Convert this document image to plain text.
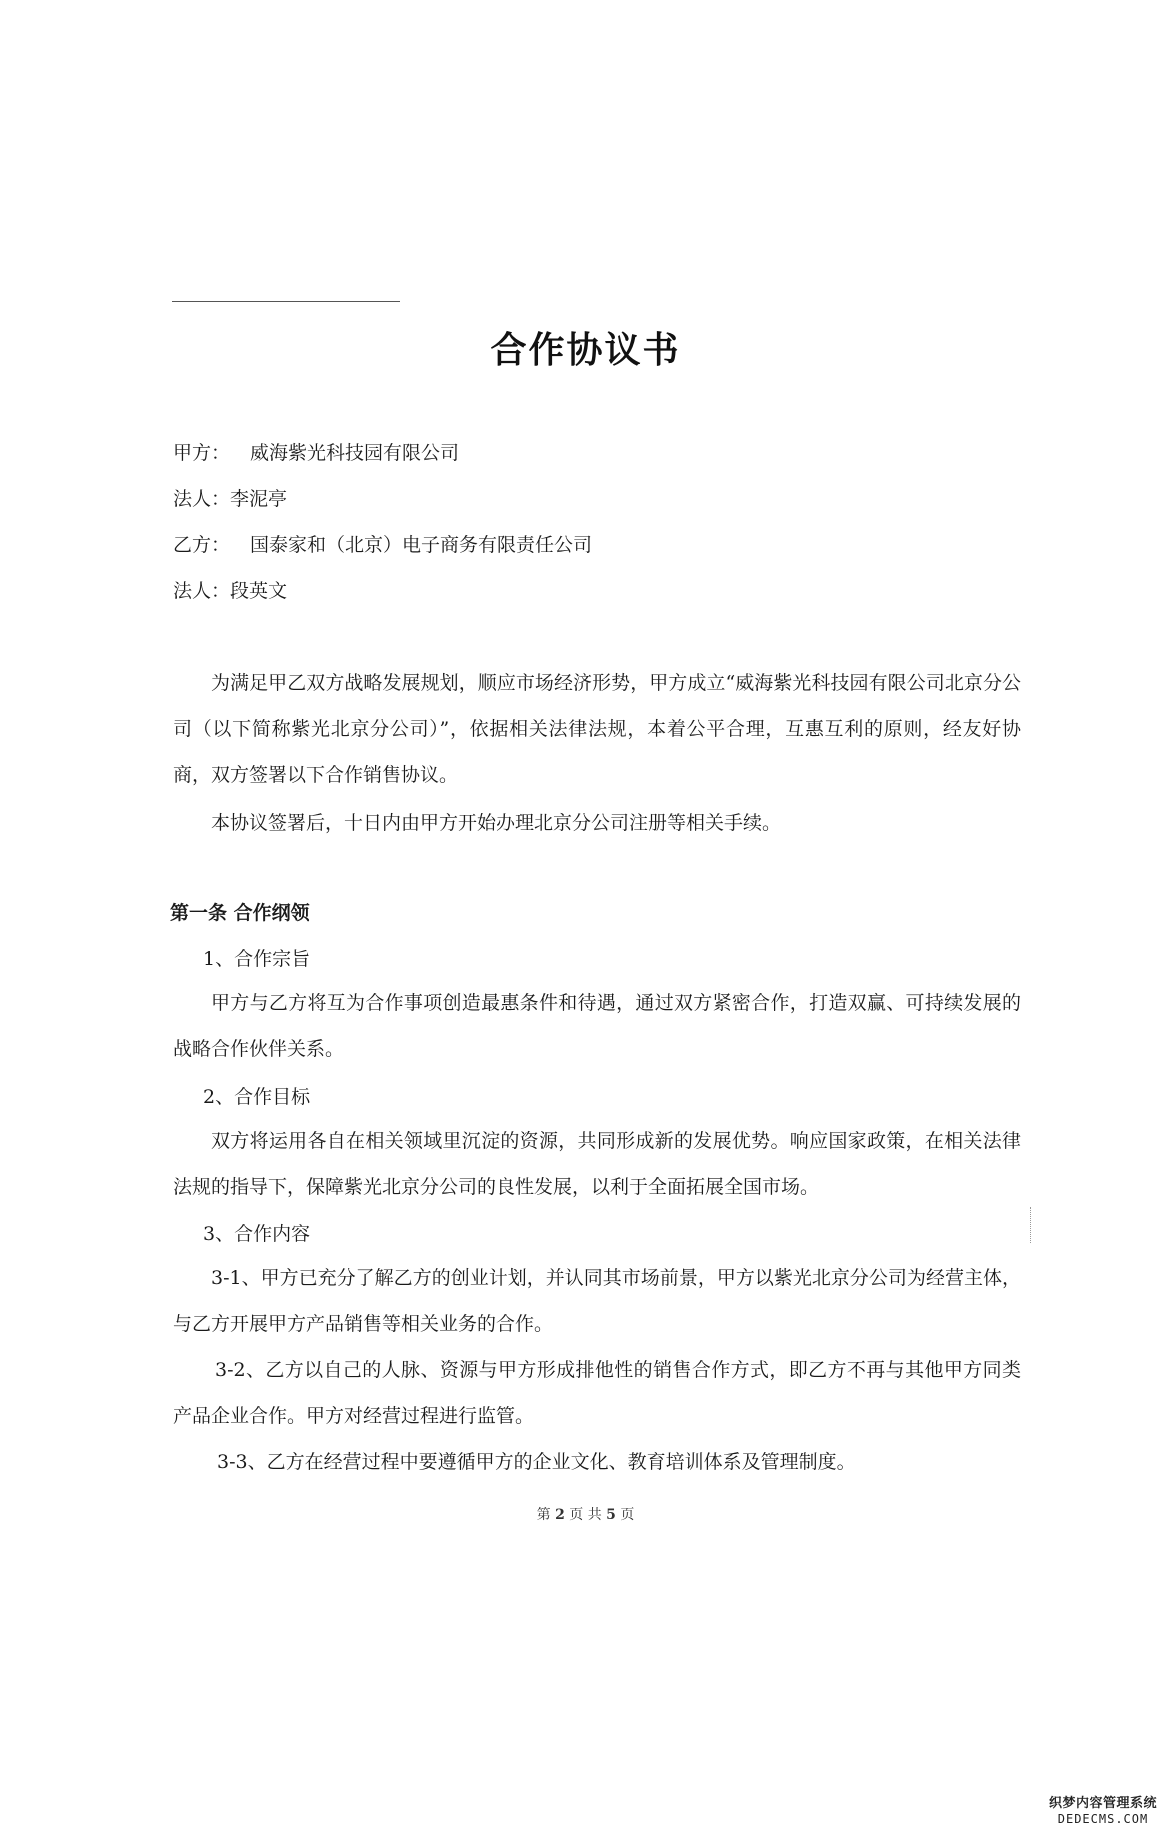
合作协议书
甲方： 威海紫光科技园有限公司
法人：李泥亭
乙方： 国泰家和（北京）电子商务有限责任公司
法人：段英文
为满足甲乙双方战略发展规划，顺应市场经济形势，甲方成立“威海紫光科技园有限公司北京分公司（以下简称紫光北京分公司）”，依据相关法律法规，本着公平合理，互惠互利的原则，经友好协商，双方签署以下合作销售协议。
本协议签署后，十日内由甲方开始办理北京分公司注册等相关手续。
第一条 合作纲领
1、合作宗旨
甲方与乙方将互为合作事项创造最惠条件和待遇，通过双方紧密合作，打造双赢、可持续发展的战略合作伙伴关系。
2、合作目标
双方将运用各自在相关领域里沉淀的资源，共同形成新的发展优势。响应国家政策，在相关法律法规的指导下，保障紫光北京分公司的良性发展，以利于全面拓展全国市场。
3、合作内容
3-1、甲方已充分了解乙方的创业计划，并认同其市场前景，甲方以紫光北京分公司为经营主体，与乙方开展甲方产品销售等相关业务的合作。
3-2、乙方以自己的人脉、资源与甲方形成排他性的销售合作方式，即乙方不再与其他甲方同类产品企业合作。甲方对经营过程进行监管。
3-3、乙方在经营过程中要遵循甲方的企业文化、教育培训体系及管理制度。
第 2 页 共 5 页
织梦内容管理系统
DEDECMS.COM
